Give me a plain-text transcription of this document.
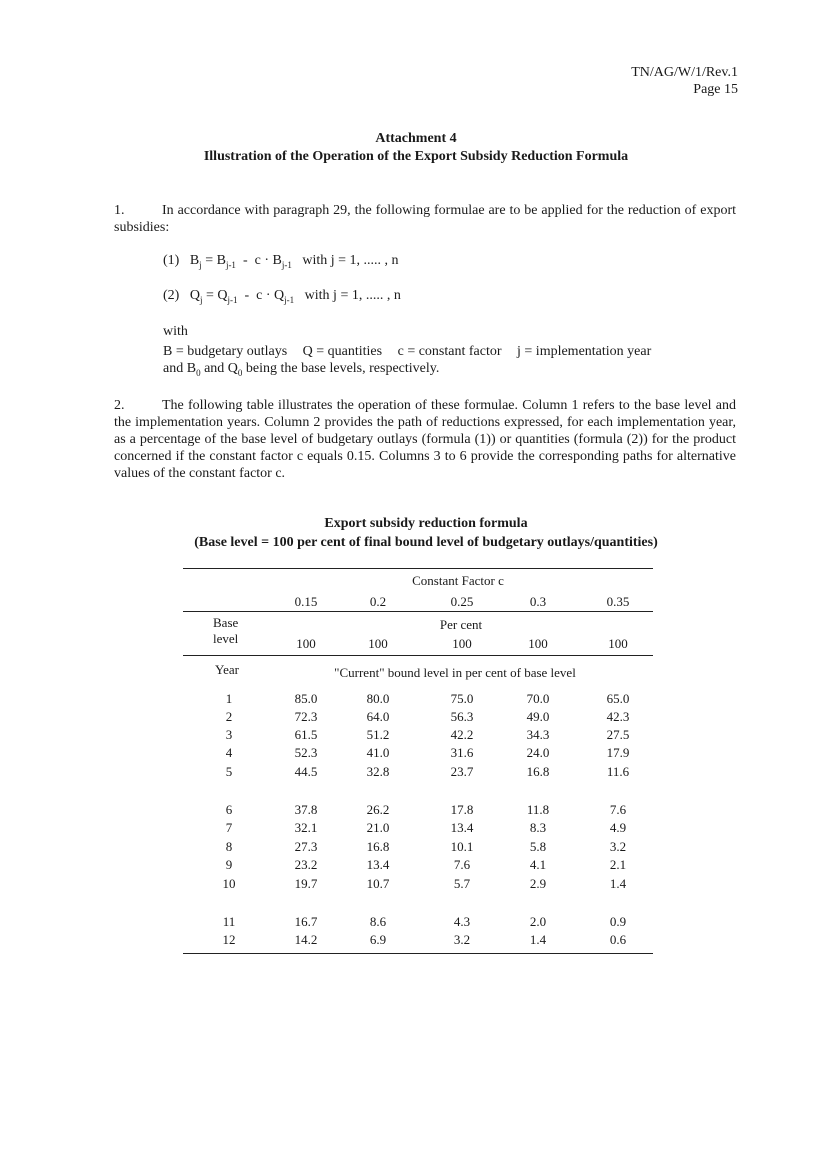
TN/AG/W/1/Rev.1
Page 15
Attachment 4
Illustration of the Operation of the Export Subsidy Reduction Formula
1.	In accordance with paragraph 29, the following formulae are to be applied for the reduction of export subsidies:
(1) $B_j = B_{j-1} - c \cdot B_{j-1}$ with j = 1, ..... , n
(2) $Q_j = Q_{j-1} - c \cdot Q_{j-1}$ with j = 1, ..... , n
with
B = budgetary outlays Q = quantities c = constant factor j = implementation year
and $B_0$ and $Q_0$ being the base levels, respectively.
2.	The following table illustrates the operation of these formulae. Column 1 refers to the base level and the implementation years. Column 2 provides the path of reductions expressed, for each implementation year, as a percentage of the base level of budgetary outlays (formula (1)) or quantities (formula (2)) for the product concerned if the constant factor c equals 0.15. Columns 3 to 6 provide the corresponding paths for alternative values of the constant factor c.
Export subsidy reduction formula
(Base level = 100 per cent of final bound level of budgetary outlays/quantities)
Constant Factor c
Base
level
Per cent
Year	"Current" bound level in per cent of base level
0.15	0.2	0.25	0.3	0.35
100	100	100	100	100
1	85.0	80.0	75.0	70.0	65.0
2	72.3	64.0	56.3	49.0	42.3
3	61.5	51.2	42.2	34.3	27.5
4	52.3	41.0	31.6	24.0	17.9
5	44.5	32.8	23.7	16.8	11.6
6	37.8	26.2	17.8	11.8	7.6
7	32.1	21.0	13.4	8.3	4.9
8	27.3	16.8	10.1	5.8	3.2
9	23.2	13.4	7.6	4.1	2.1
10	19.7	10.7	5.7	2.9	1.4
11	16.7	8.6	4.3	2.0	0.9
12	14.2	6.9	3.2	1.4	0.6
